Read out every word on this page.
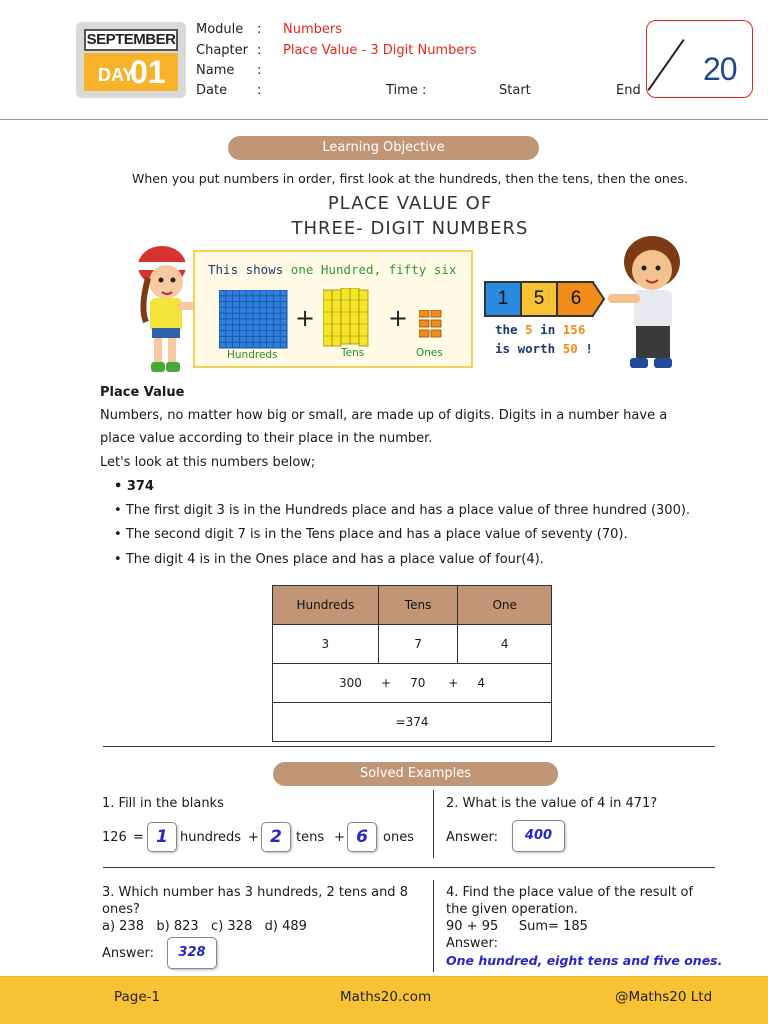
SEPTEMBER
DAY
01
Module : Numbers
Chapter : Place Value - 3 Digit Numbers
Name :
Date :	Time :	Start	End
20
Learning Objective
When you put numbers in order, first look at the hundreds, then the tens, then the ones.
PLACE VALUE OF
THREE- DIGIT NUMBERS
This shows one Hundred, fifty six
+	+
Hundreds	Tens	Ones
1	5	6
the 5 in 156
is worth 50 !
Place Value
Numbers, no matter how big or small, are made up of digits. Digits in a number have a
place value according to their place in the number.
Let's look at this numbers below;
• 374
• The first digit 3 is in the Hundreds place and has a place value of three hundred (300).
• The second digit 7 is in the Tens place and has a place value of seventy (70).
• The digit 4 is in the Ones place and has a place value of four(4).
Hundreds	Tens	One
3	7	4
300     +     70      +     4		
=374		
Solved Examples
1. Fill in the blanks
126 = 1 hundreds + 2	tens + 6	ones
2. What is the value of 4 in 471?
Answer:	400
3. Which number has 3 hundreds, 2 tens and 8
ones?
a) 238   b) 823   c) 328   d) 489
Answer:	328
4. Find the place value of the result of
the given operation.
90 + 95     Sum= 185
Answer:
One hundred, eight tens and five ones.
Page-1	Maths20.com	@Maths20 Ltd
